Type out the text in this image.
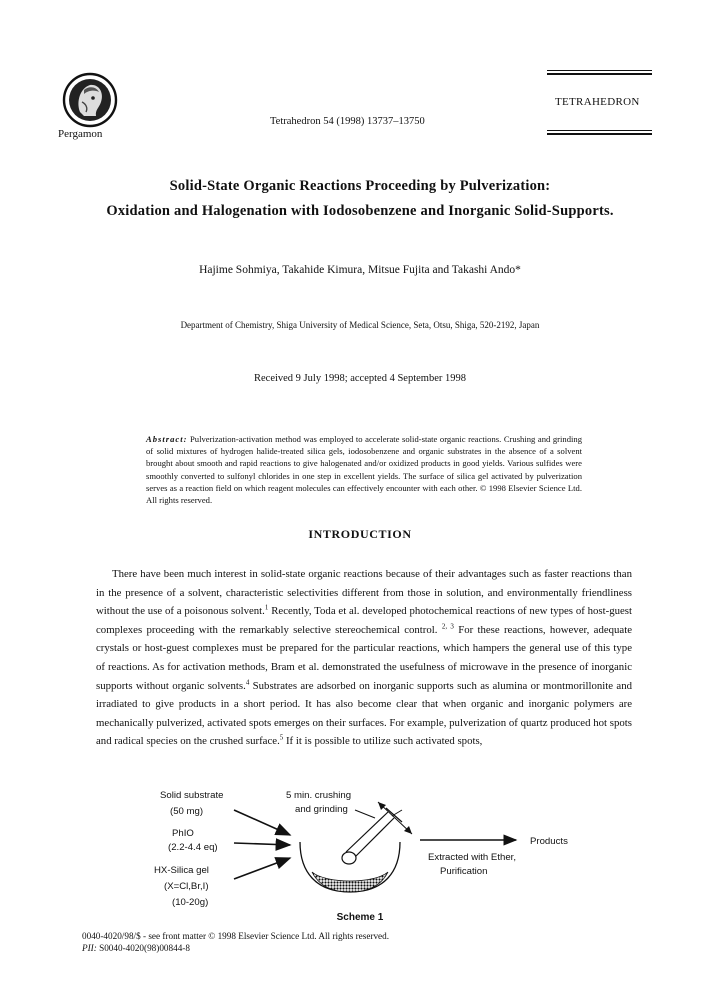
Pergamon
Tetrahedron 54 (1998) 13737–13750
TETRAHEDRON
Solid-State Organic Reactions Proceeding by Pulverization:
Oxidation and Halogenation with Iodosobenzene and Inorganic Solid-Supports.
Hajime Sohmiya, Takahide Kimura, Mitsue Fujita and Takashi Ando*
Department of Chemistry, Shiga University of Medical Science, Seta, Otsu, Shiga, 520-2192, Japan
Received 9 July 1998; accepted 4 September 1998
Abstract: Pulverization-activation method was employed to accelerate solid-state organic reactions. Crushing and grinding of solid mixtures of hydrogen halide-treated silica gels, iodosobenzene and organic substrates in the absence of a solvent brought about smooth and rapid reactions to give halogenated and/or oxidized products in good yields. Various sulfides were smoothly converted to sulfonyl chlorides in one step in excellent yields. The surface of silica gel activated by pulverization serves as a reaction field on which reagent molecules can effectively encounter with each other. © 1998 Elsevier Science Ltd. All rights reserved.
INTRODUCTION
There have been much interest in solid-state organic reactions because of their advantages such as faster reactions than in the presence of a solvent, characteristic selectivities different from those in solution, and environmentally friendliness without the use of a poisonous solvent.$^1$ Recently, Toda et al. developed photochemical reactions of new types of host-guest complexes proceeding with the remarkably selective stereochemical control. $^{2, 3}$ For these reactions, however, adequate crystals or host-guest complexes must be prepared for the particular reactions, which hampers the general use of this type of reactions. As for activation methods, Bram et al. demonstrated the usefulness of microwave in the presence of inorganic supports without organic solvents.$^4$ Substrates are adsorbed on inorganic supports such as alumina or montmorillonite and irradiated to give products in a short period. It has also become clear that when organic and inorganic polymers are mechanically pulverized, activated spots emerges on their surfaces. For example, pulverization of quartz produced hot spots and radical species on the crushed surface.$^5$ If it is possible to utilize such activated spots,
Solid substrate
(50 mg)
PhIO
(2.2-4.4 eq)
HX-Silica gel
(X=Cl,Br,I)
(10-20g)
5 min. crushing
and grinding
Products
Extracted with Ether,
Purification
Scheme 1
0040-4020/98/$ - see front matter © 1998 Elsevier Science Ltd. All rights reserved.
PII: S0040-4020(98)00844-8
